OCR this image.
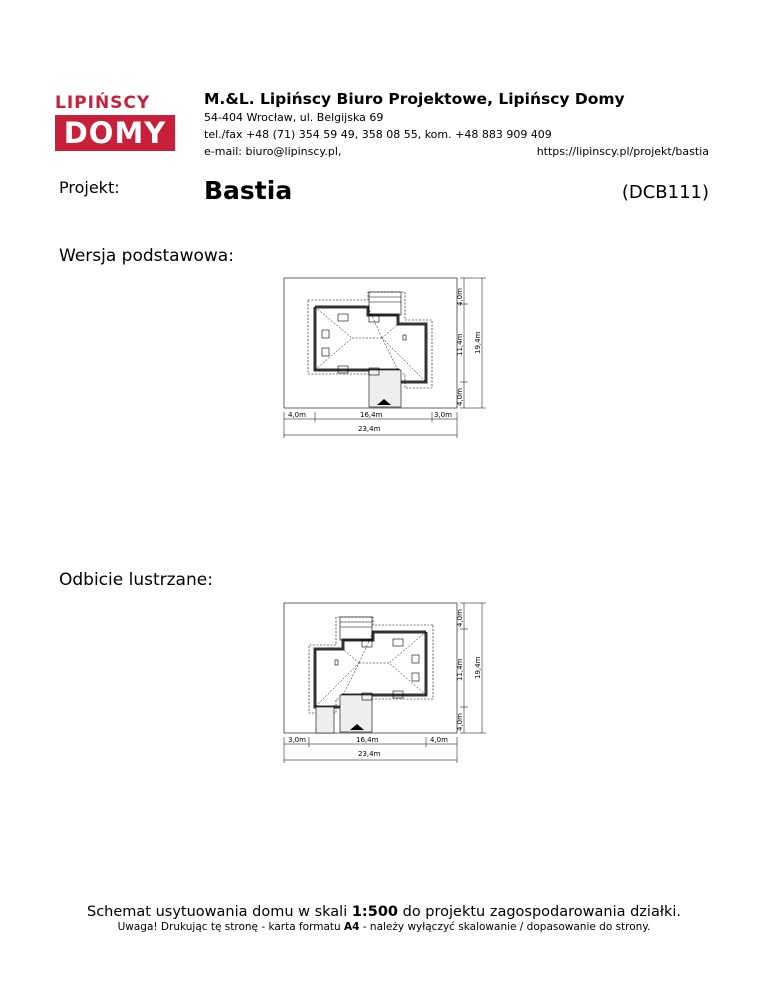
LIPIŃSCY
DOMY
M.&L. Lipińscy Biuro Projektowe, Lipińscy Domy
54-404 Wrocław, ul. Belgijska 69
tel./fax +48 (71) 354 59 49, 358 08 55, kom. +48 883 909 409
e-mail: biuro@lipinscy.pl,	https://lipinscy.pl/projekt/bastia
Projekt:	Bastia	(DCB111)
Wersja podstawowa:
4,0m
11,4m
4,0m
19,4m
4,0m	16,4m	3,0m
23,4m
Odbicie lustrzane:
4,0m
11,4m
4,0m
19,4m
3,0m	16,4m	4,0m
23,4m
Schemat usytuowania domu w skali 1:500 do projektu zagospodarowania działki.
Uwaga! Drukując tę stronę - karta formatu A4 - należy wyłączyć skalowanie / dopasowanie do strony.
